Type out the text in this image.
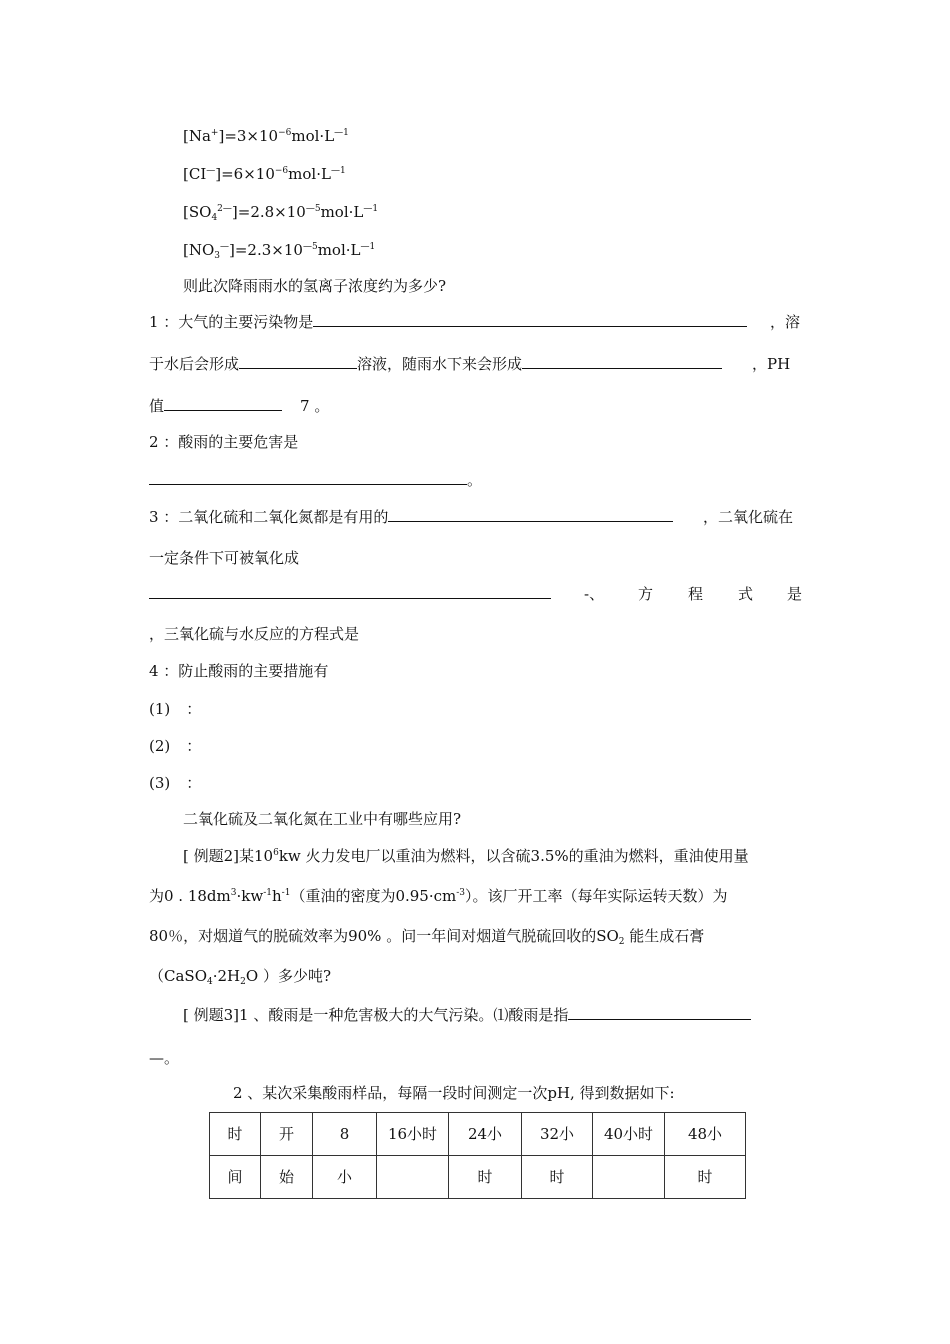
$[Na^+]=3\times 10^{-6}mol\cdot L^{—1}$
$[CI^—]=6\times 10^{-6}mol\cdot L^{—1}$
$[SO_4^{2—}]=2.8\times 10^{—5}mol\cdot L^{—1}$
$[NO_3^—]=2.3\times 10^{—5}mol\cdot L^{—1}$
则此次降雨雨水的氢离子浓度约为多少?
1 ：大气的主要污染物是	，溶
于水后会形成	溶液，随雨水下来会形成	，PH
值	7 。
2 ：酸雨的主要危害是
。
3 ：二氧化硫和二氧化氮都是有用的	，二氧化硫在
一定条件下可被氧化成
-、 方 程 式 是
，三氧化硫与水反应的方程式是
4 ：防止酸雨的主要措施有
(1) ：
(2) ：
(3) ：
二氧化硫及二氧化氮在工业中有哪些应用?
[ 例题2]某$10^6kw$ 火力发电厂以重油为燃料，以含硫3.5%的重油为燃料，重油使用量
为0 . $18dm^3\cdot kw^{-1}h^{-1}$（重油的密度为$0.95\cdot cm^{-3}$）。该厂开工率（每年实际运转天数）为
80％，对烟道气的脱硫效率为90% 。问一年间对烟道气脱硫回收的$SO_2$ 能生成石膏
（$CaSO_4\cdot 2H_2O$ ）多少吨?
[ 例题3]1 、酸雨是一种危害极大的大气污染。⑴酸雨是指
—。
2 、某次采集酸雨样品，每隔一段时间测定一次pH, 得到数据如下:
时	开	8	16小时	24小	32小	40小时	48小
间	始	小		时	时		时
